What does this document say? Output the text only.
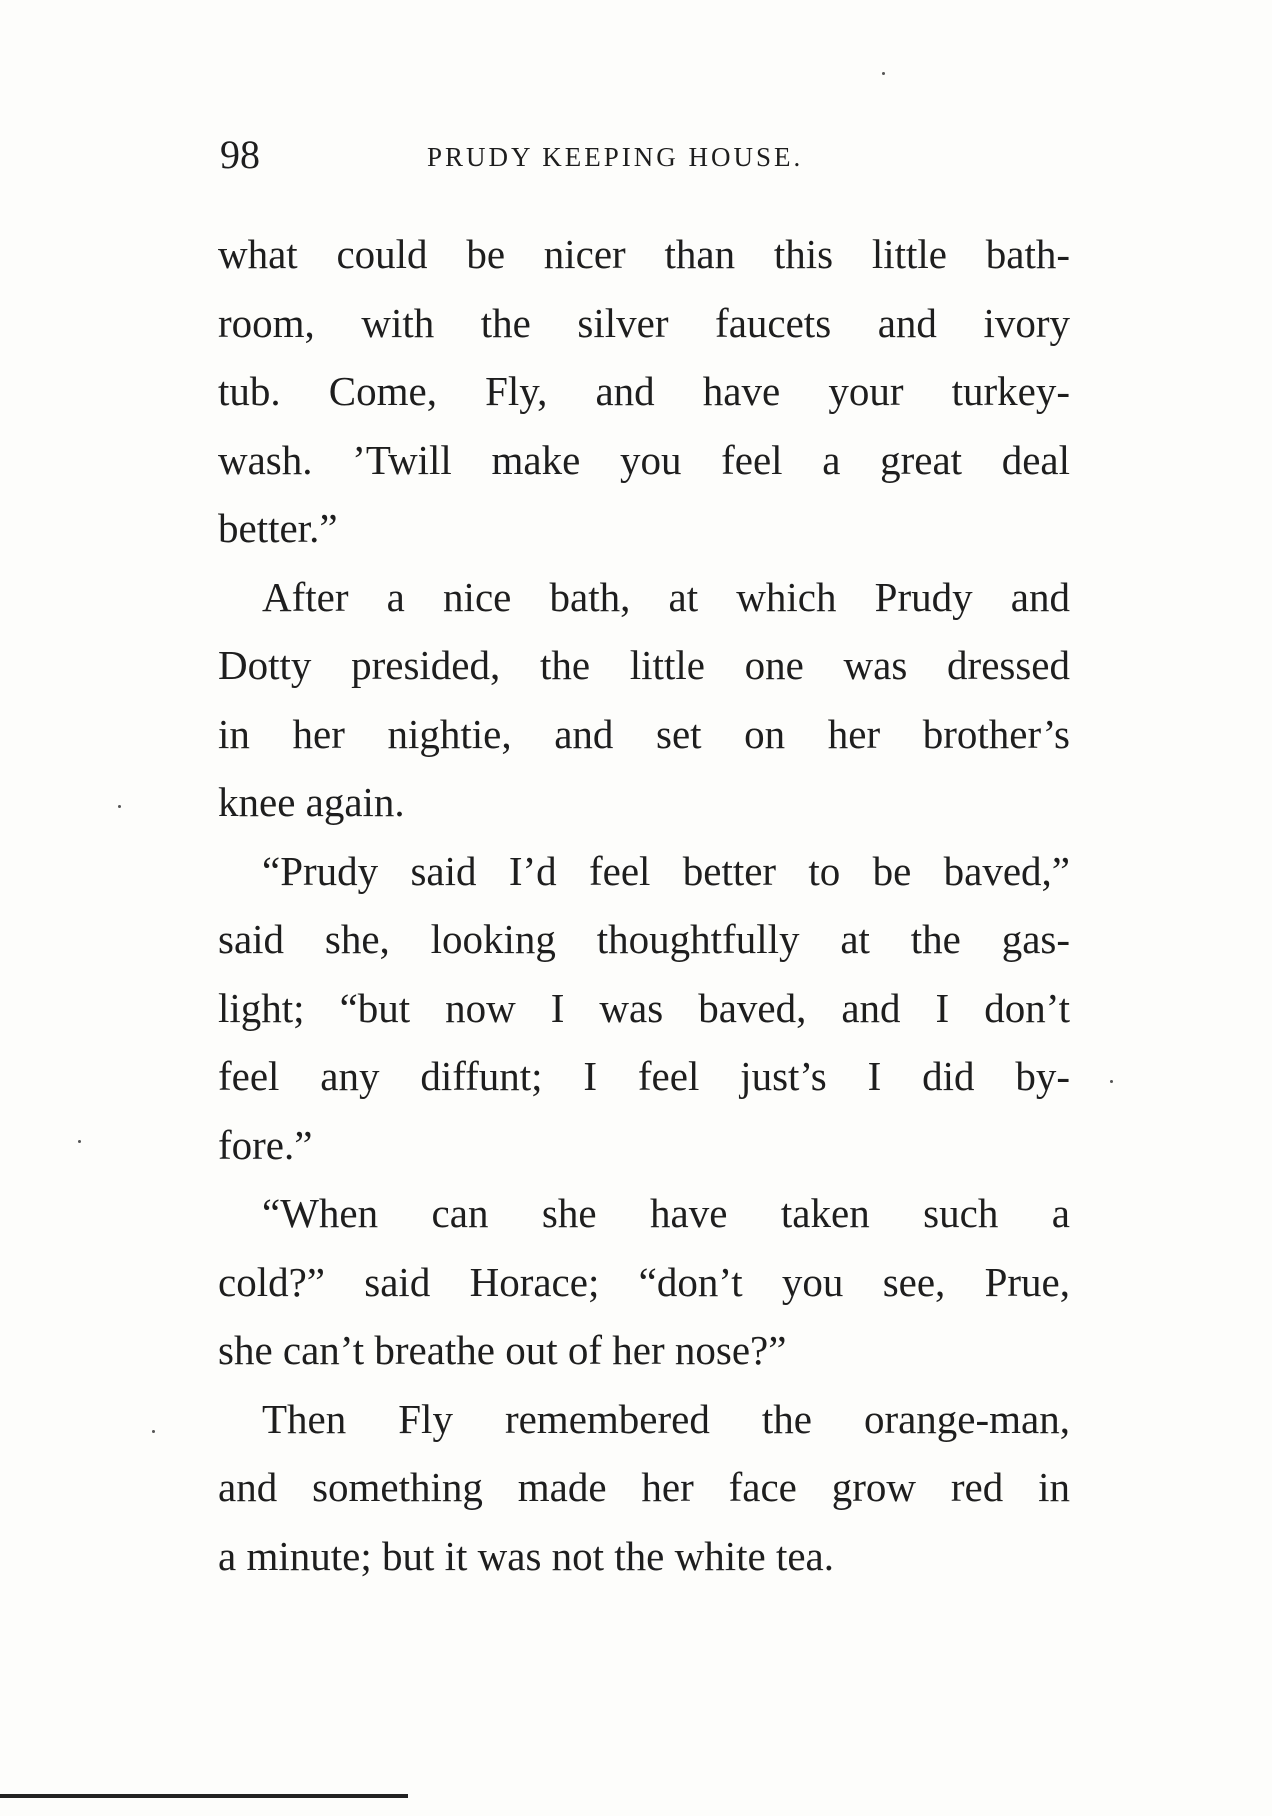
98	PRUDY KEEPING HOUSE.
what could be nicer than this little bath-
room, with the silver faucets and ivory
tub. Come, Fly, and have your turkey-
wash. ’Twill make you feel a great deal
better.”
After a nice bath, at which Prudy and
Dotty presided, the little one was dressed
in her nightie, and set on her brother’s
knee again.
“Prudy said I’d feel better to be baved,”
said she, looking thoughtfully at the gas-
light; “but now I was baved, and I don’t
feel any diffunt; I feel just’s I did by-
fore.”
“When can she have taken such a
cold?” said Horace; “don’t you see, Prue,
she can’t breathe out of her nose?”
Then Fly remembered the orange-man,
and something made her face grow red in
a minute; but it was not the white tea.
